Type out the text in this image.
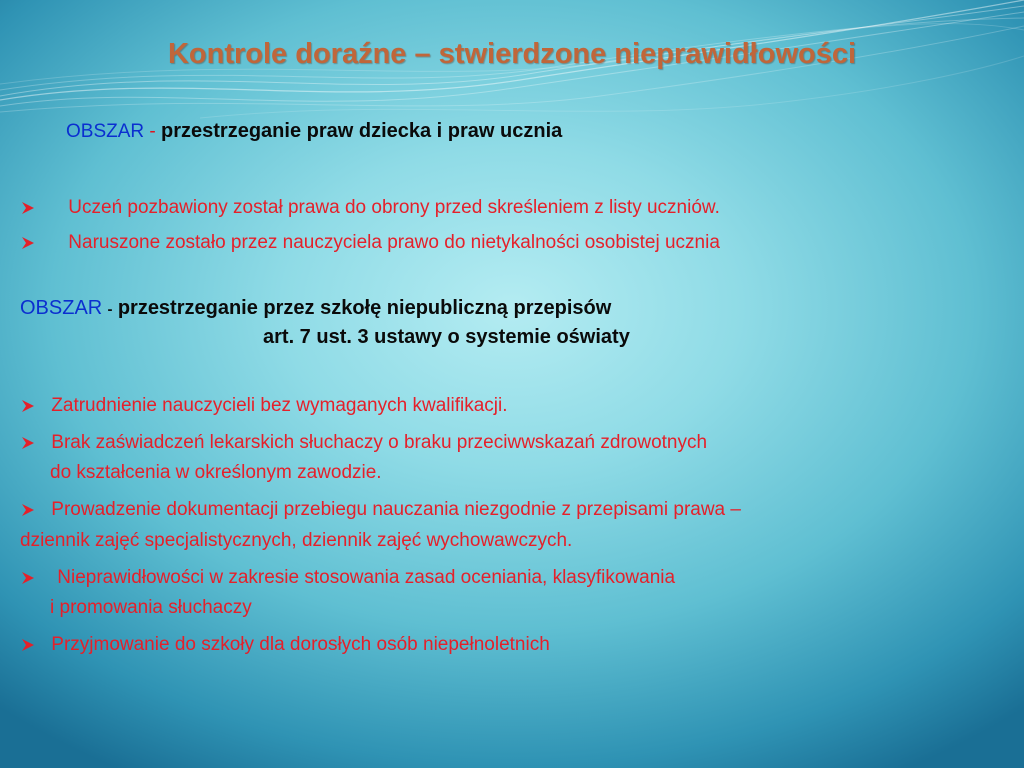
Kontrole doraźne – stwierdzone nieprawidłowości
OBSZAR - przestrzeganie praw dziecka i praw ucznia
Uczeń pozbawiony został prawa do obrony przed skreśleniem z listy uczniów.
Naruszone zostało przez nauczyciela prawo do nietykalności osobistej ucznia
OBSZAR - przestrzeganie przez szkołę niepubliczną przepisów
art. 7 ust. 3 ustawy o systemie oświaty
Zatrudnienie nauczycieli bez wymaganych kwalifikacji.
Brak zaświadczeń lekarskich słuchaczy o braku przeciwwskazań zdrowotnych
do kształcenia w określonym zawodzie.
Prowadzenie dokumentacji przebiegu nauczania niezgodnie z przepisami prawa –
dziennik zajęć specjalistycznych, dziennik zajęć wychowawczych.
Nieprawidłowości w zakresie stosowania zasad oceniania, klasyfikowania
i promowania słuchaczy
Przyjmowanie do szkoły dla dorosłych osób niepełnoletnich
